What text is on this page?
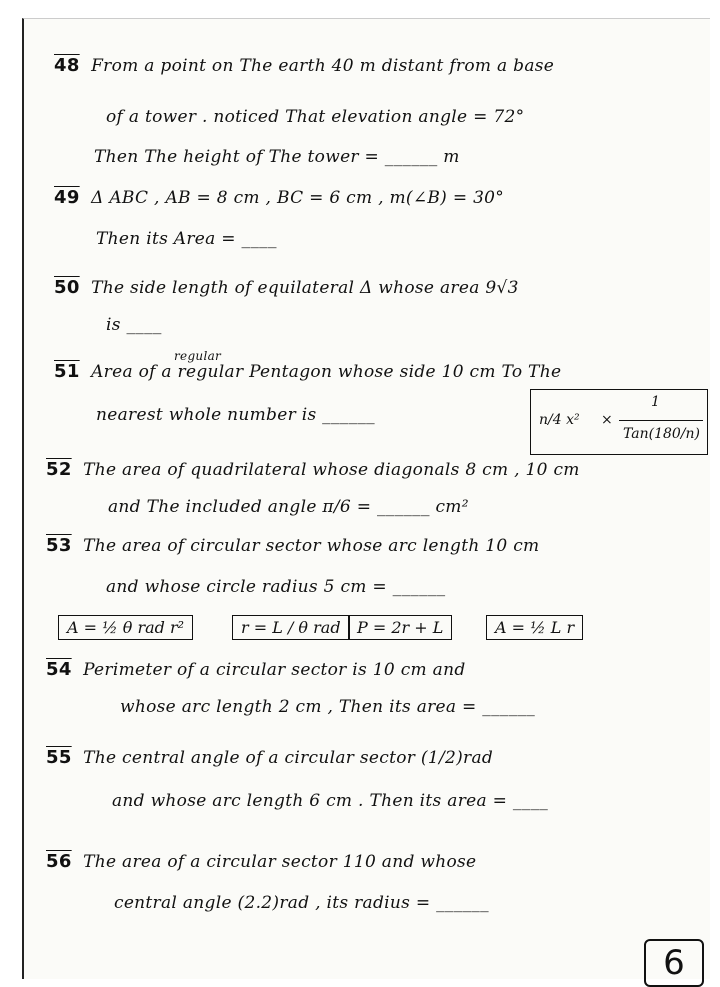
48 From a point on The earth 40 m distant from a base
of a tower . noticed That elevation angle = 72°
Then The height of The tower = ______ m
49 Δ ABC , AB = 8 cm , BC = 6 cm , m(∠B) = 30°
Then its Area = ____
50 The side length of equilateral Δ whose area 9√3
is ____
regular
51 Area of a regular Pentagon whose side 10 cm To The
nearest whole number is ______	n/4 x² ×
1
Tan(180/n)
52 The area of quadrilateral whose diagonals 8 cm , 10 cm
and The included angle π/6 = ______ cm²
53 The area of circular sector whose arc length 10 cm
and whose circle radius 5 cm = ______
A = ½ θ rad r²	r = L / θ rad	P = 2r + L	A = ½ L r
54 Perimeter of a circular sector is 10 cm and
whose arc length 2 cm , Then its area = ______
55 The central angle of a circular sector (1/2)rad
and whose arc length 6 cm . Then its area = ____
56 The area of a circular sector 110 and whose
central angle (2.2)rad , its radius = ______
6
